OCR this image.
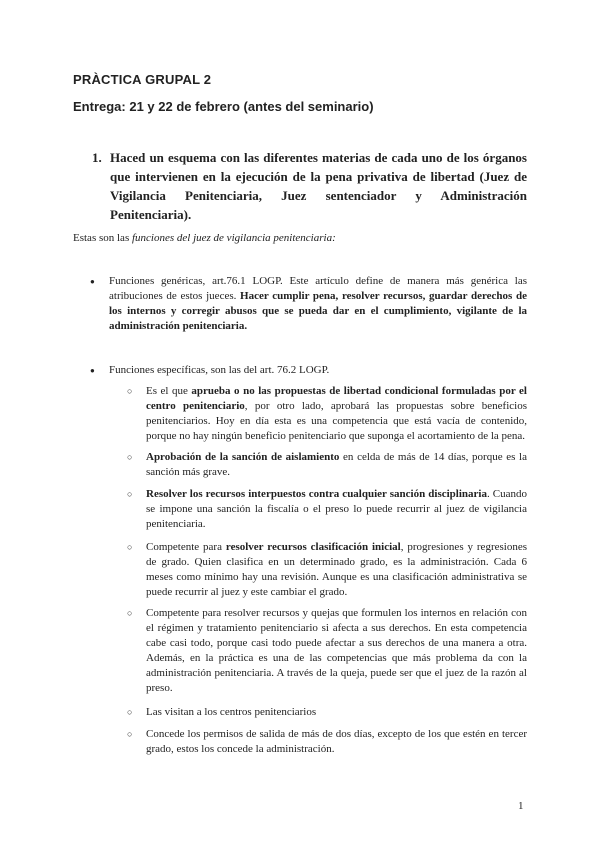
PRÀCTICA GRUPAL 2
Entrega: 21 y 22 de febrero (antes del seminario)
1. Haced un esquema con las diferentes materias de cada uno de los órganos que intervienen en la ejecución de la pena privativa de libertad (Juez de Vigilancia Penitenciaria, Juez sentenciador y Administración Penitenciaria).
Estas son las funciones del juez de vigilancia penitenciaria:
● Funciones genéricas, art.76.1 LOGP. Este artículo define de manera más genérica las atribuciones de estos jueces. Hacer cumplir pena, resolver recursos, guardar derechos de los internos y corregir abusos que se pueda dar en el cumplimiento, vigilante de la administración penitenciaria.
● Funciones específicas, son las del art. 76.2 LOGP.
○ Es el que aprueba o no las propuestas de libertad condicional formuladas por el centro penitenciario, por otro lado, aprobará las propuestas sobre beneficios penitenciarios. Hoy en día esta es una competencia que está vacía de contenido, porque no hay ningún beneficio penitenciario que suponga el acortamiento de la pena.
○ Aprobación de la sanción de aislamiento en celda de más de 14 días, porque es la sanción más grave.
○ Resolver los recursos interpuestos contra cualquier sanción disciplinaria. Cuando se impone una sanción la fiscalía o el preso lo puede recurrir al juez de vigilancia penitenciaria.
○ Competente para resolver recursos clasificación inicial, progresiones y regresiones de grado. Quien clasifica en un determinado grado, es la administración. Cada 6 meses como mínimo hay una revisión. Aunque es una clasificación administrativa se puede recurrir al juez y este cambiar el grado.
○ Competente para resolver recursos y quejas que formulen los internos en relación con el régimen y tratamiento penitenciario si afecta a sus derechos. En esta competencia cabe casi todo, porque casi todo puede afectar a sus derechos de una manera a otra. Además, en la práctica es una de las competencias que más problema da con la administración penitenciaria. A través de la queja, puede ser que el juez de la razón al preso.
○ Las visitan a los centros penitenciarios
○ Concede los permisos de salida de más de dos días, excepto de los que estén en tercer grado, estos los concede la administración.
1
